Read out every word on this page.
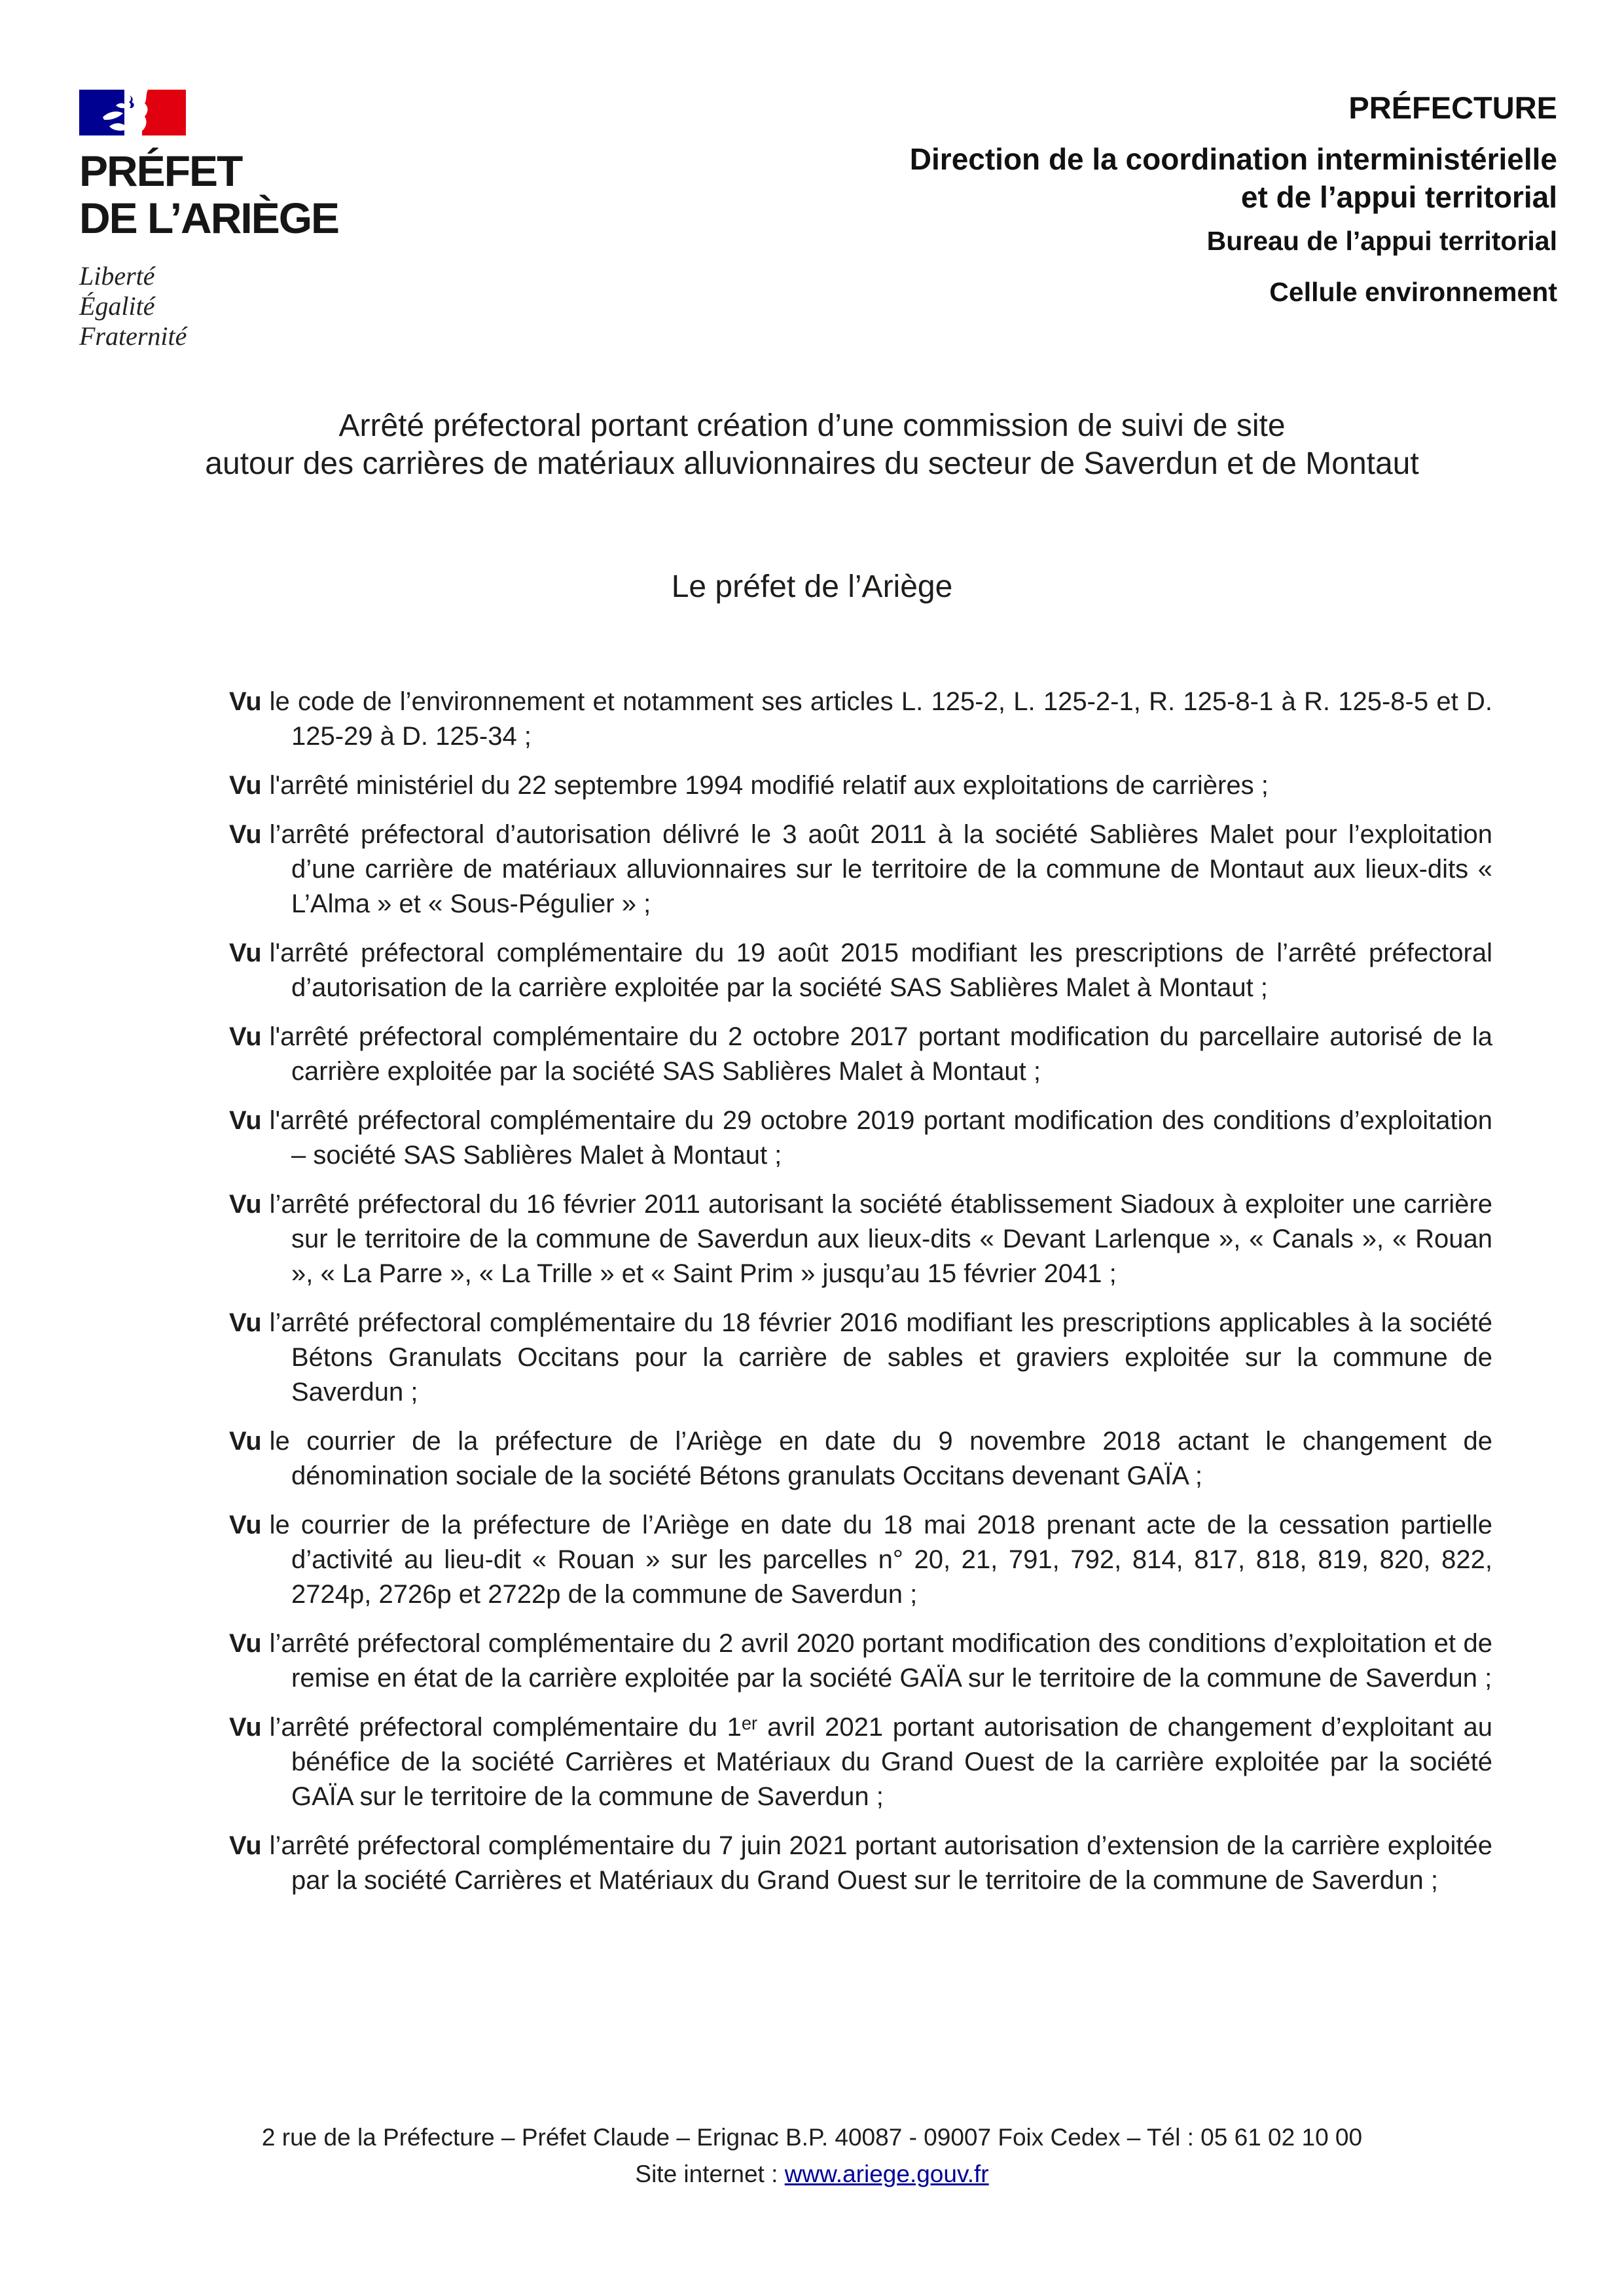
PRÉFET
DE L’ARIÈGE
Liberté
Égalité
Fraternité
PRÉFECTURE
Direction de la coordination interministérielle
et de l’appui territorial
Bureau de l’appui territorial
Cellule environnement
Arrêté préfectoral portant création d’une commission de suivi de site
autour des carrières de matériaux alluvionnaires du secteur de Saverdun et de Montaut
Le préfet de l’Ariège

Vu le code de l’environnement et notamment ses articles L. 125-2, L. 125-2-1, R. 125-8-1 à R. 125-8-5 et D. 125-29 à D. 125-34 ;

Vu l'arrêté ministériel du 22 septembre 1994 modifié relatif aux exploitations de carrières ;

Vu l’arrêté préfectoral d’autorisation délivré le 3 août 2011 à la société Sablières Malet pour l’exploitation d’une carrière de matériaux alluvionnaires sur le territoire de la commune de Montaut aux lieux-dits « L’Alma » et « Sous-Pégulier » ;

Vu l'arrêté préfectoral complémentaire du 19 août 2015 modifiant les prescriptions de l’arrêté préfectoral d’autorisation de la carrière exploitée par la société SAS Sablières Malet à Montaut ;

Vu l'arrêté préfectoral complémentaire du 2 octobre 2017 portant modification du parcellaire autorisé de la carrière exploitée par la société SAS Sablières Malet à Montaut ;

Vu l'arrêté préfectoral complémentaire du 29 octobre 2019 portant modification des conditions d’exploitation – société SAS Sablières Malet à Montaut ;

Vu l’arrêté préfectoral du 16 février 2011 autorisant la société établissement Siadoux à exploiter une carrière sur le territoire de la commune de Saverdun aux lieux-dits « Devant Larlenque », « Canals », « Rouan », « La Parre », « La Trille » et « Saint Prim » jusqu’au 15 février 2041 ;

Vu l’arrêté préfectoral complémentaire du 18 février 2016 modifiant les prescriptions applicables à la société Bétons Granulats Occitans pour la carrière de sables et graviers exploitée sur la commune de Saverdun ;

Vu le courrier de la préfecture de l’Ariège en date du 9 novembre 2018 actant le changement de dénomination sociale de la société Bétons granulats Occitans devenant GAÏA ;

Vu le courrier de la préfecture de l’Ariège en date du 18 mai 2018 prenant acte de la cessation partielle d’activité au lieu-dit « Rouan » sur les parcelles n° 20, 21, 791, 792, 814, 817, 818, 819, 820, 822, 2724p, 2726p et 2722p de la commune de Saverdun ;

Vu l’arrêté préfectoral complémentaire du 2 avril 2020 portant modification des conditions d’exploitation et de remise en état de la carrière exploitée par la société GAÏA sur le territoire de la commune de Saverdun ;

Vu l’arrêté préfectoral complémentaire du 1ᵉʳ avril 2021 portant autorisation de changement d’exploitant au bénéfice de la société Carrières et Matériaux du Grand Ouest de la carrière exploitée par la société GAÏA sur le territoire de la commune de Saverdun ;

Vu l’arrêté préfectoral complémentaire du 7 juin 2021 portant autorisation d’extension de la carrière exploitée par la société Carrières et Matériaux du Grand Ouest sur le territoire de la commune de Saverdun ;

2 rue de la Préfecture – Préfet Claude – Erignac B.P. 40087 - 09007 Foix Cedex – Tél : 05 61 02 10 00
Site internet : www.ariege.gouv.fr
